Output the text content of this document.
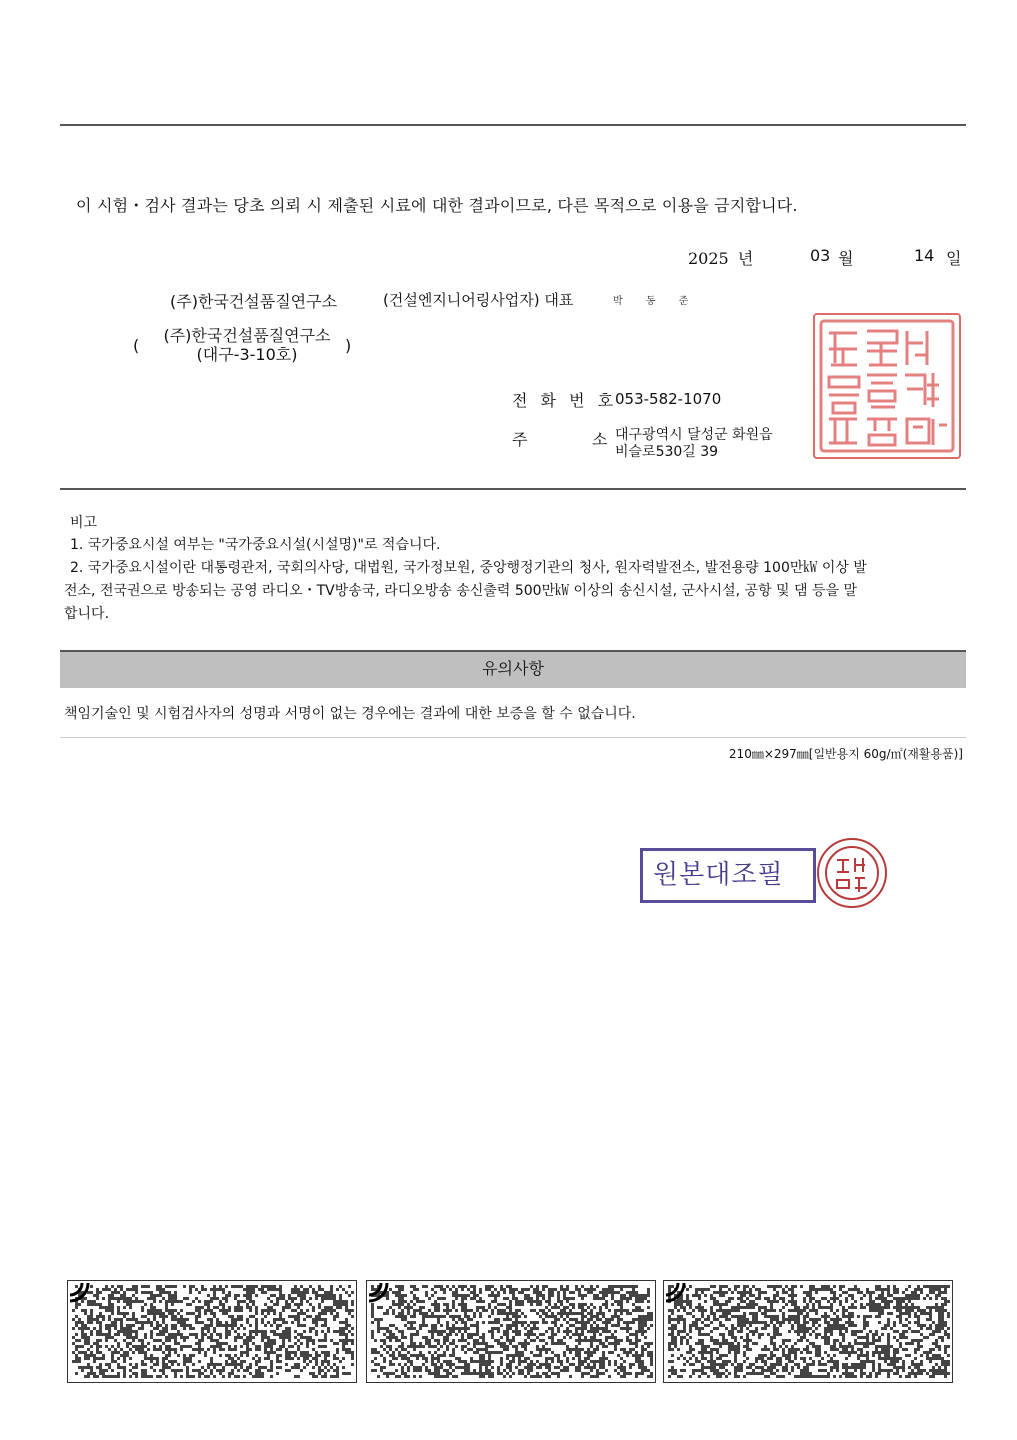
이 시험・검사 결과는 당초 의뢰 시 제출된 시료에 대한 결과이므로, 다른 목적으로 이용을 금지합니다.
2025 년	03 월	14 일
(주)한국건설품질연구소	(건설엔지니어링사업자) 대표	박 동 준
(
(주)한국건설품질연구소
(대구-3-10호)	)
전 화 번 호
053-582-1070
주	소 대구광역시 달성군 화원읍
비슬로530길 39
비고
1. 국가중요시설 여부는 "국가중요시설(시설명)"로 적습니다.
2. 국가중요시설이란 대통령관저, 국회의사당, 대법원, 국가정보원, 중앙행정기관의 청사, 원자력발전소, 발전용량 100만㎾ 이상 발
전소, 전국권으로 방송되는 공영 라디오・TV방송국, 라디오방송 송신출력 500만㎾ 이상의 송신시설, 군사시설, 공항 및 댐 등을 말
합니다.
유의사항
책임기술인 및 시험검사자의 성명과 서명이 없는 경우에는 결과에 대한 보증을 할 수 없습니다.
210㎜×297㎜[일반용지 60g/㎡(재활용품)]
원본대조필
